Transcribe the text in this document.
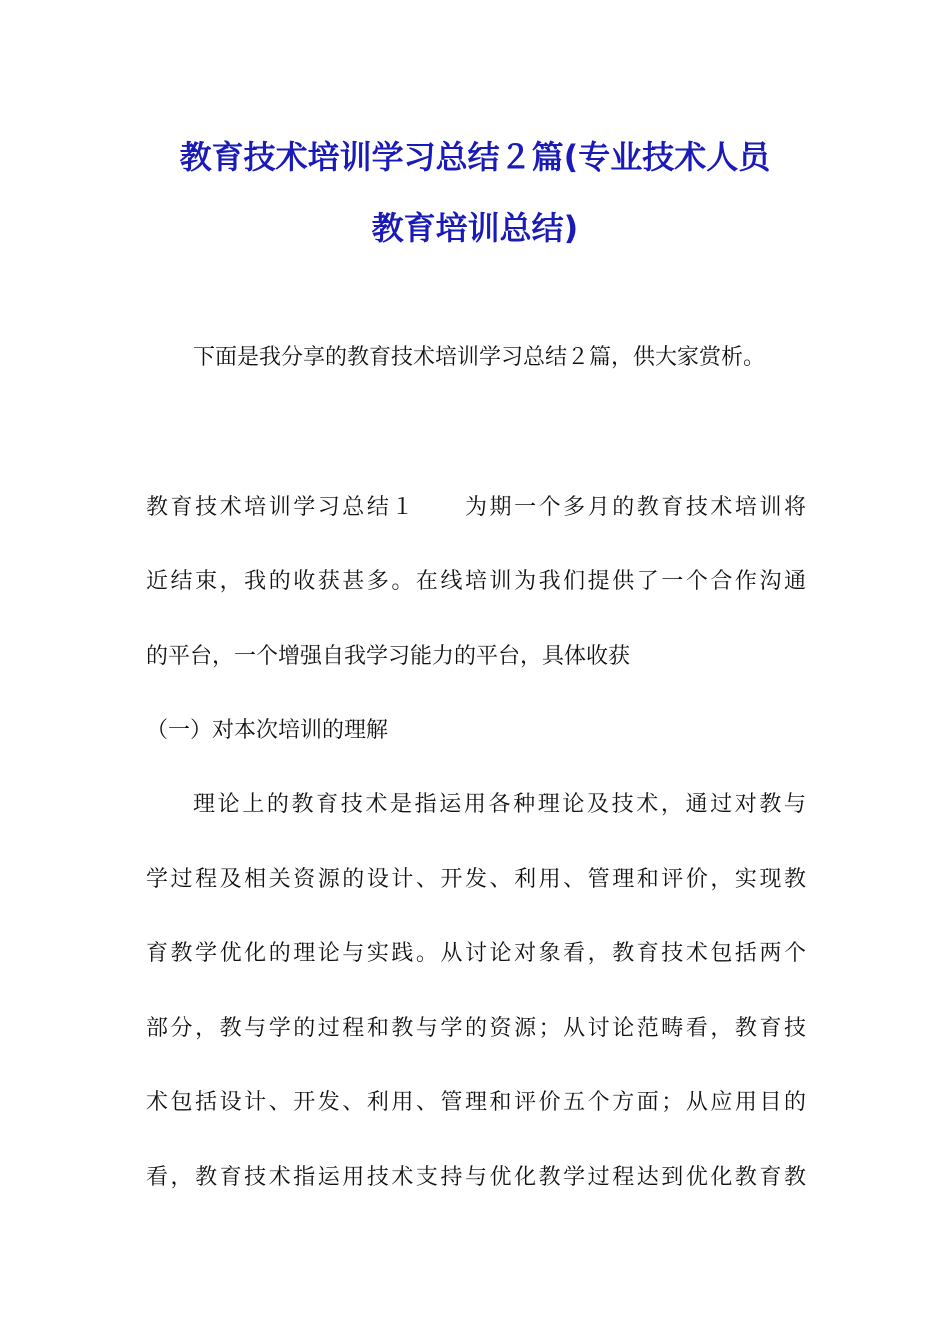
教育技术培训学习总结２篇(专业技术人员
教育培训总结)
下面是我分享的教育技术培训学习总结２篇，供大家赏析。
教育技术培训学习总结１　　为期一个多月的教育技术培训将
近结束，我的收获甚多。在线培训为我们提供了一个合作沟通
的平台，一个增强自我学习能力的平台，具体收获
（一）对本次培训的理解
理论上的教育技术是指运用各种理论及技术，通过对教与
学过程及相关资源的设计、开发、利用、管理和评价，实现教
育教学优化的理论与实践。从讨论对象看，教育技术包括两个
部分，教与学的过程和教与学的资源；从讨论范畴看，教育技
术包括设计、开发、利用、管理和评价五个方面；从应用目的
看，教育技术指运用技术支持与优化教学过程达到优化教育教
